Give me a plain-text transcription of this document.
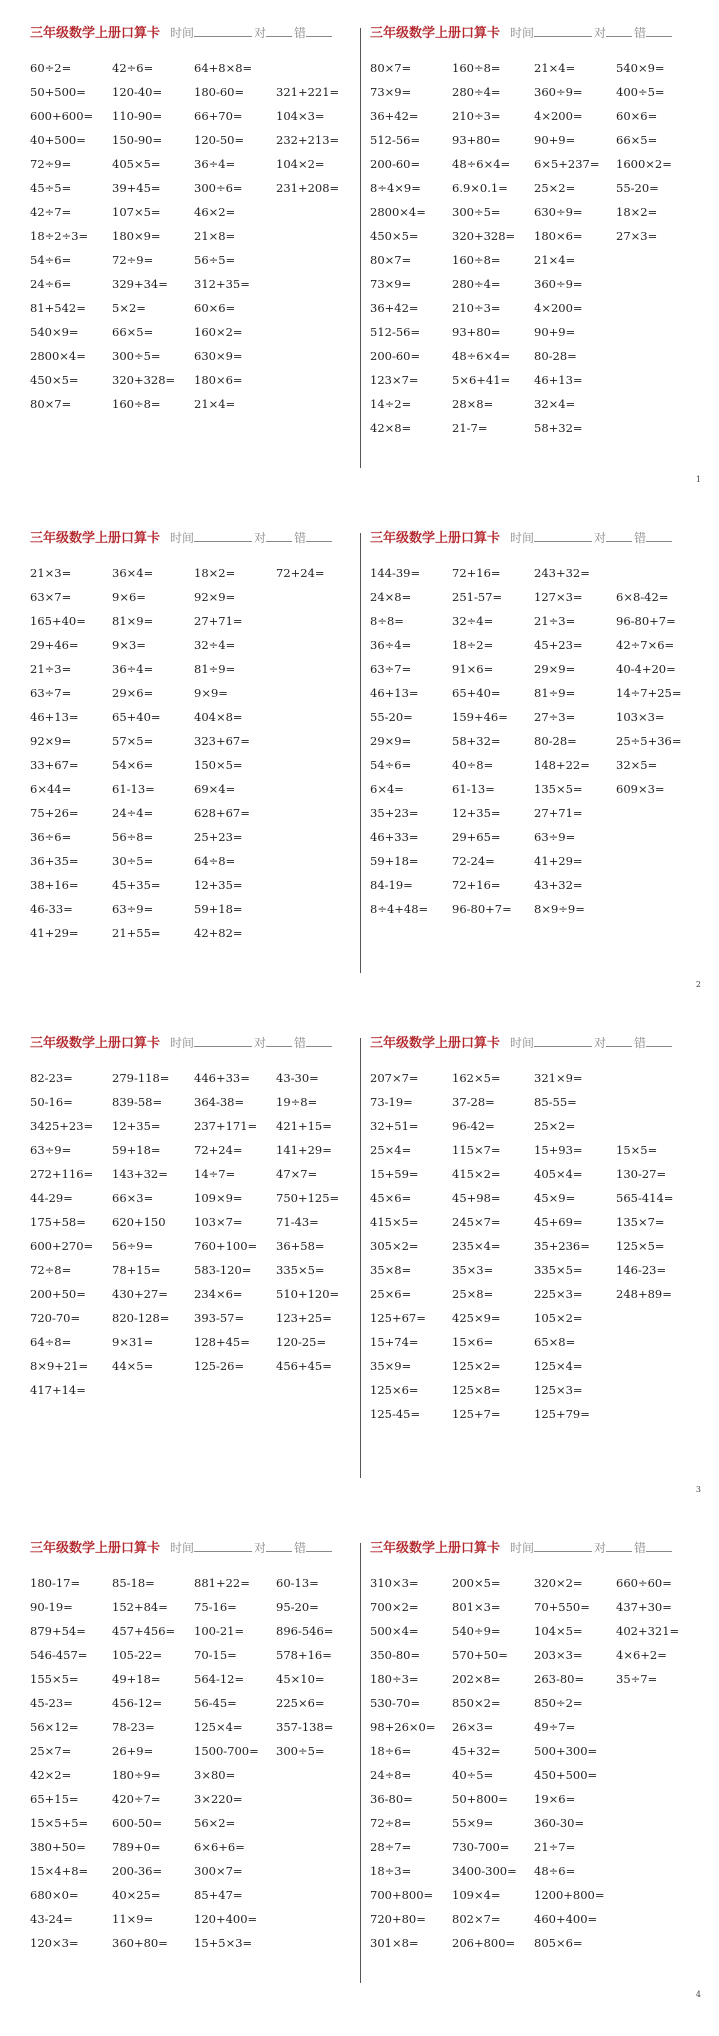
三年级数学上册口算卡 时间	对 错
60÷2=	42÷6=	64+8×8=
50+500=	120-40=	180-60=	321+221=
600+600=	110-90=	66+70=	104×3=
40+500=	150-90=	120-50=	232+213=
72÷9=	405×5=	36÷4=	104×2=
45÷5=	39+45=	300÷6=	231+208=
42÷7=	107×5=	46×2=
18÷2÷3=	180×9=	21×8=
54÷6=	72÷9=	56÷5=
24÷6=	329+34=	312+35=
81+542=	5×2=	60×6=
540×9=	66×5=	160×2=
2800×4=	300÷5=	630×9=
450×5=	320+328=	180×6=
80×7=	160÷8=	21×4=
三年级数学上册口算卡 时间	对 错
80×7=	160÷8=	21×4=	540×9=
73×9=	280÷4=	360÷9=	400÷5=
36+42=	210÷3=	4×200=	60×6=
512-56=	93+80=	90+9=	66×5=
200-60=	48÷6×4=	6×5+237=	1600×2=
8÷4×9=	6.9×0.1=	25×2=	55-20=
2800×4=	300÷5=	630÷9=	18×2=
450×5=	320+328=	180×6=	27×3=
80×7=	160÷8=	21×4=
73×9=	280÷4=	360÷9=
36+42=	210÷3=	4×200=
512-56=	93+80=	90+9=
200-60=	48÷6×4=	80-28=
123×7=	5×6+41=	46+13=
14÷2=	28×8=	32×4=
42×8=	21-7=	58+32=
1
三年级数学上册口算卡 时间	对 错
21×3=	36×4=	18×2=	72+24=
63×7=	9×6=	92×9=
165+40=	81×9=	27+71=
29+46=	9×3=	32÷4=
21÷3=	36÷4=	81÷9=
63÷7=	29×6=	9×9=
46+13=	65+40=	404×8=
92×9=	57×5=	323+67=
33+67=	54×6=	150×5=
6×44=	61-13=	69×4=
75+26=	24÷4=	628+67=
36÷6=	56÷8=	25+23=
36+35=	30÷5=	64÷8=
38+16=	45+35=	12+35=
46-33=	63÷9=	59+18=
41+29=	21+55=	42+82=
三年级数学上册口算卡 时间	对 错
144-39=	72+16=	243+32=
24×8=	251-57=	127×3=	6×8-42=
8÷8=	32÷4=	21÷3=	96-80+7=
36÷4=	18÷2=	45+23=	42÷7×6=
63÷7=	91×6=	29×9=	40-4+20=
46+13=	65+40=	81÷9=	14÷7+25=
55-20=	159+46=	27÷3=	103×3=
29×9=	58+32=	80-28=	25÷5+36=
54÷6=	40÷8=	148+22=	32×5=
6×4=	61-13=	135×5=	609×3=
35+23=	12+35=	27+71=
46+33=	29+65=	63÷9=
59+18=	72-24=	41+29=
84-19=	72+16=	43+32=
8÷4+48=	96-80+7=	8×9÷9=
2
三年级数学上册口算卡 时间	对 错
82-23=	279-118=	446+33=	43-30=
50-16=	839-58=	364-38=	19÷8=
3425+23=	12+35=	237+171=	421+15=
63÷9=	59+18=	72+24=	141+29=
272+116=	143+32=	14÷7=	47×7=
44-29=	66×3=	109×9=	750+125=
175+58=	620+150	103×7=	71-43=
600+270=	56÷9=	760+100=	36+58=
72÷8=	78+15=	583-120=	335×5=
200+50=	430+27=	234×6=	510+120=
720-70=	820-128=	393-57=	123+25=
64÷8=	9×31=	128+45=	120-25=
8×9+21=	44×5=	125-26=	456+45=
417+14=
三年级数学上册口算卡 时间	对 错
207×7=	162×5=	321×9=
73-19=	37-28=	85-55=
32+51=	96-42=	25×2=
25×4=	115×7=	15+93=	15×5=
15+59=	415×2=	405×4=	130-27=
45×6=	45+98=	45×9=	565-414=
415×5=	245×7=	45+69=	135×7=
305×2=	235×4=	35+236=	125×5=
35×8=	35×3=	335×5=	146-23=
25×6=	25×8=	225×3=	248+89=
125+67=	425×9=	105×2=
15+74=	15×6=	65×8=
35×9=	125×2=	125×4=
125×6=	125×8=	125×3=
125-45=	125+7=	125+79=
3
三年级数学上册口算卡 时间	对 错
180-17=	85-18=	881+22=	60-13=
90-19=	152+84=	75-16=	95-20=
879+54=	457+456=	100-21=	896-546=
546-457=	105-22=	70-15=	578+16=
155×5=	49+18=	564-12=	45×10=
45-23=	456-12=	56-45=	225×6=
56×12=	78-23=	125×4=	357-138=
25×7=	26+9=	1500-700=	300÷5=
42×2=	180÷9=	3×80=
65+15=	420÷7=	3×220=
15×5+5=	600-50=	56×2=
380+50=	789+0=	6×6+6=
15×4+8=	200-36=	300×7=
680×0=	40×25=	85+47=
43-24=	11×9=	120+400=
120×3=	360+80=	15+5×3=
三年级数学上册口算卡 时间	对 错
310×3=	200×5=	320×2=	660÷60=
700×2=	801×3=	70+550=	437+30=
500×4=	540÷9=	104×5=	402+321=
350-80=	570+50=	203×3=	4×6+2=
180÷3=	202×8=	263-80=	35÷7=
530-70=	850×2=	850÷2=
98+26×0=	26×3=	49÷7=
18÷6=	45+32=	500+300=
24÷8=	40÷5=	450+500=
36-80=	50+800=	19×6=
72÷8=	55×9=	360-30=
28÷7=	730-700=	21÷7=
18÷3=	3400-300=	48÷6=
700+800=	109×4=	1200+800=
720+80=	802×7=	460+400=
301×8=	206+800=	805×6=
4
